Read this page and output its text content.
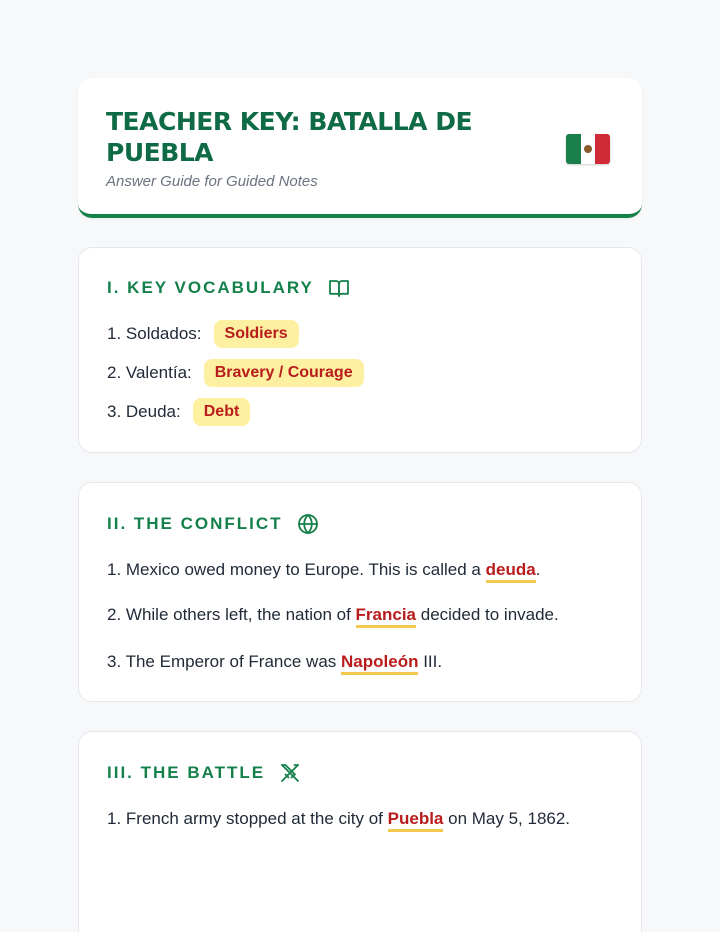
TEACHER KEY: BATALLA DE PUEBLA
Answer Guide for Guided Notes
I. KEY VOCABULARY
1. Soldados:	Soldiers
2. Valentía:	Bravery / Courage
3. Deuda:	Debt
II. THE CONFLICT
1. Mexico owed money to Europe. This is called a deuda.
2. While others left, the nation of Francia decided to invade.
3. The Emperor of France was Napoleón III.
III. THE BATTLE
1. French army stopped at the city of Puebla on May 5, 1862.
